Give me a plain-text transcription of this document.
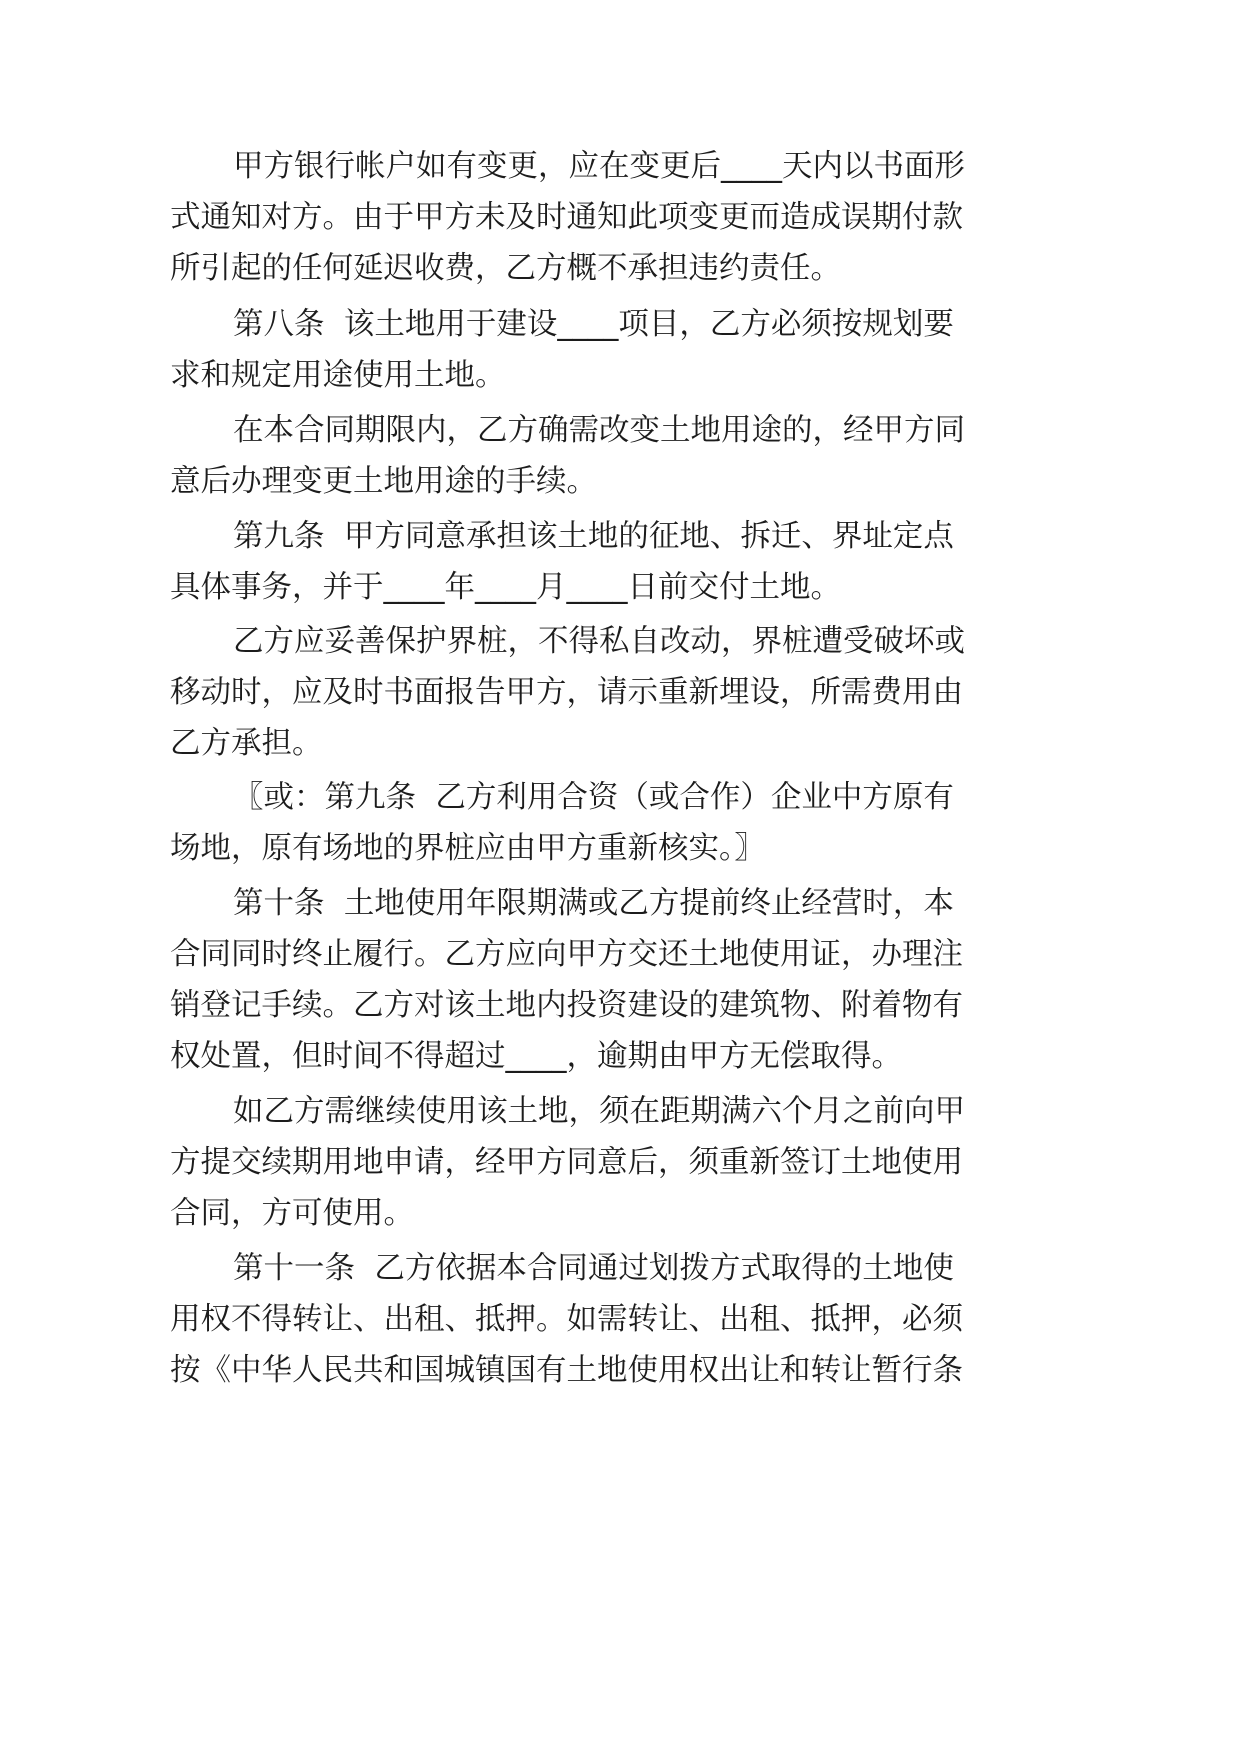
甲方银行帐户如有变更，应在变更后____天内以书面形
式通知对方。由于甲方未及时通知此项变更而造成误期付款
所引起的任何延迟收费，乙方概不承担违约责任。
第八条  该土地用于建设____项目，乙方必须按规划要
求和规定用途使用土地。
在本合同期限内，乙方确需改变土地用途的，经甲方同
意后办理变更土地用途的手续。
第九条  甲方同意承担该土地的征地、拆迁、界址定点
具体事务，并于____年____月____日前交付土地。
乙方应妥善保护界桩，不得私自改动，界桩遭受破坏或
移动时，应及时书面报告甲方，请示重新埋设，所需费用由
乙方承担。
〖或：第九条  乙方利用合资（或合作）企业中方原有
场地，原有场地的界桩应由甲方重新核实。〗
第十条  土地使用年限期满或乙方提前终止经营时，本
合同同时终止履行。乙方应向甲方交还土地使用证，办理注
销登记手续。乙方对该土地内投资建设的建筑物、附着物有
权处置，但时间不得超过____，逾期由甲方无偿取得。
如乙方需继续使用该土地，须在距期满六个月之前向甲
方提交续期用地申请，经甲方同意后，须重新签订土地使用
合同，方可使用。
第十一条  乙方依据本合同通过划拨方式取得的土地使
用权不得转让、出租、抵押。如需转让、出租、抵押，必须
按《中华人民共和国城镇国有土地使用权出让和转让暂行条
